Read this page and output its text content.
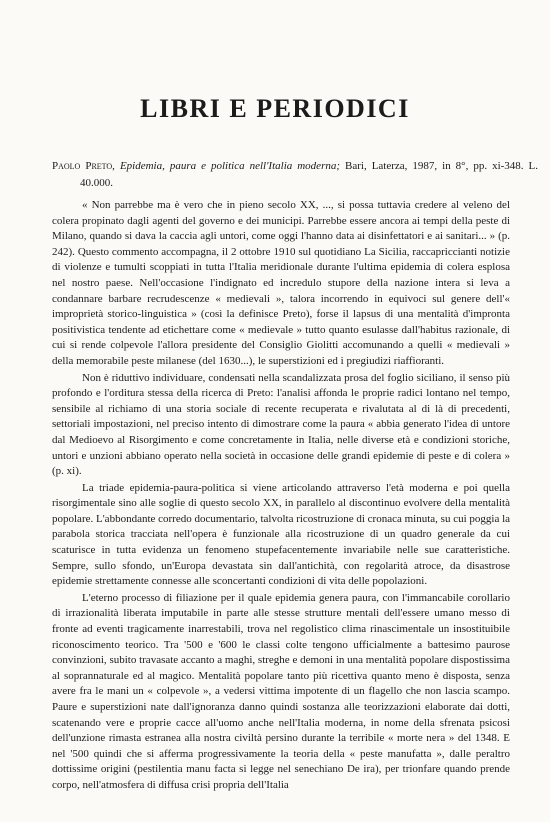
LIBRI E PERIODICI
Paolo Preto, Epidemia, paura e politica nell'Italia moderna; Bari, Laterza, 1987, in 8°, pp. xi-348. L. 40.000.

« Non parrebbe ma è vero che in pieno secolo XX, ..., si possa tuttavia credere al veleno del colera propinato dagli agenti del governo e dei municipi. Parrebbe essere ancora ai tempi della peste di Milano, quando si dava la caccia agli untori, come oggi l'hanno data ai disinfettatori e ai sanitari... » (p. 242). Questo commento accompagna, il 2 ottobre 1910 sul quotidiano La Sicilia, raccapriccianti notizie di violenze e tumulti scoppiati in tutta l'Italia meridionale durante l'ultima epidemia di colera esplosa nel nostro paese. Nell'occasione l'indignato ed incredulo stupore della nazione intera si leva a condannare barbare recrudescenze « medievali », talora incorrendo in equivoci sul genere dell'« improprietà storico-linguistica » (così la definisce Preto), forse il lapsus di una mentalità d'impronta positivistica tendente ad etichettare come « medievale » tutto quanto esulasse dall'habitus razionale, di cui si rende colpevole l'allora presidente del Consiglio Giolitti accomunando a quelli « medievali » della memorabile peste milanese (del 1630...), le superstizioni ed i pregiudizi riaffioranti.

Non è riduttivo individuare, condensati nella scandalizzata prosa del foglio siciliano, il senso più profondo e l'orditura stessa della ricerca di Preto: l'analisi affonda le proprie radici lontano nel tempo, sensibile al richiamo di una storia sociale di recente recuperata e rivalutata al di là di precedenti, settoriali impostazioni, nel preciso intento di dimostrare come la paura « abbia generato l'idea di untore dal Medioevo al Risorgimento e come concretamente in Italia, nelle diverse età e condizioni storiche, untori e unzioni abbiano operato nella società in occasione delle grandi epidemie di peste e di colera » (p. xi).

La triade epidemia-paura-politica si viene articolando attraverso l'età moderna e poi quella risorgimentale sino alle soglie di questo secolo XX, in parallelo al discontinuo evolvere della mentalità popolare. L'abbondante corredo documentario, talvolta ricostruzione di cronaca minuta, su cui poggia la parabola storica tracciata nell'opera è funzionale alla ricostruzione di un quadro generale da cui scaturisce in tutta evidenza un fenomeno stupefacentemente invariabile nelle sue caratteristiche. Sempre, sullo sfondo, un'Europa devastata sin dall'antichità, con regolarità atroce, da disastrose epidemie strettamente connesse alle sconcertanti condizioni di vita delle popolazioni.

L'eterno processo di filiazione per il quale epidemia genera paura, con l'immancabile corollario di irrazionalità liberata imputabile in parte alle stesse strutture mentali dell'essere umano messo di fronte ad eventi tragicamente inarrestabili, trova nel regolistico clima rinascimentale un insostituibile riconoscimento teorico. Tra '500 e '600 le classi colte tengono ufficialmente a battesimo paurose convinzioni, subito travasate accanto a maghi, streghe e demoni in una mentalità popolare dispostissima al soprannaturale ed al magico. Mentalità popolare tanto più ricettiva quanto meno è disposta, senza avere fra le mani un « colpevole », a vedersi vittima impotente di un flagello che non lascia scampo. Paure e superstizioni nate dall'ignoranza danno quindi sostanza alle teorizzazioni elaborate dai dotti, scatenando vere e proprie cacce all'uomo anche nell'Italia moderna, in nome della sfrenata psicosi dell'unzione rimasta estranea alla nostra civiltà persino durante la terribile « morte nera » del 1348. E nel '500 quindi che si afferma progressivamente la teoria della « peste manufatta », dalle peraltro dottissime origini (pestilentia manu facta si legge nel senechiano De ira), per trionfare quando prende corpo, nell'atmosfera di diffusa crisi propria dell'Italia
